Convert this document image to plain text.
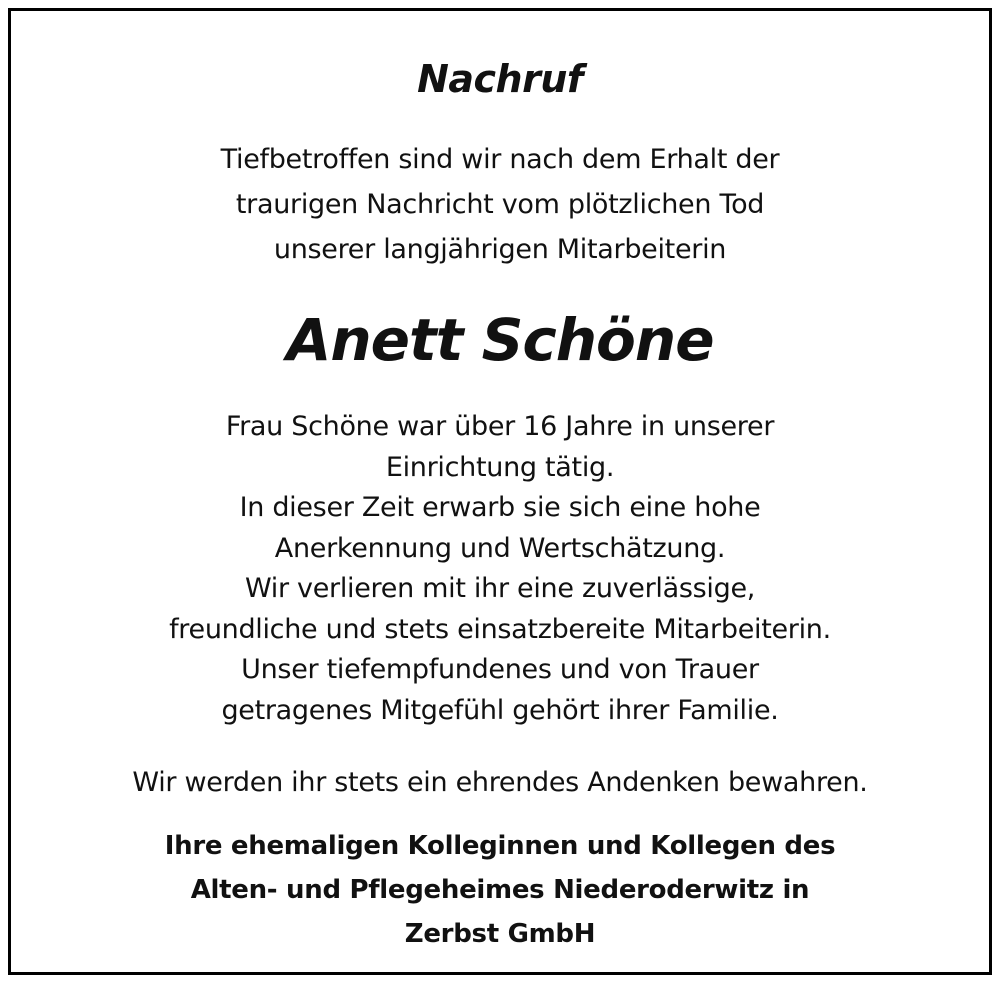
Nachruf
Tiefbetroffen sind wir nach dem Erhalt der
traurigen Nachricht vom plötzlichen Tod
unserer langjährigen Mitarbeiterin
Anett Schöne
Frau Schöne war über 16 Jahre in unserer
Einrichtung tätig.
In dieser Zeit erwarb sie sich eine hohe
Anerkennung und Wertschätzung.
Wir verlieren mit ihr eine zuverlässige,
freundliche und stets einsatzbereite Mitarbeiterin.
Unser tiefempfundenes und von Trauer
getragenes Mitgefühl gehört ihrer Familie.
Wir werden ihr stets ein ehrendes Andenken bewahren.
Ihre ehemaligen Kolleginnen und Kollegen des
Alten- und Pflegeheimes Niederoderwitz in
Zerbst GmbH
